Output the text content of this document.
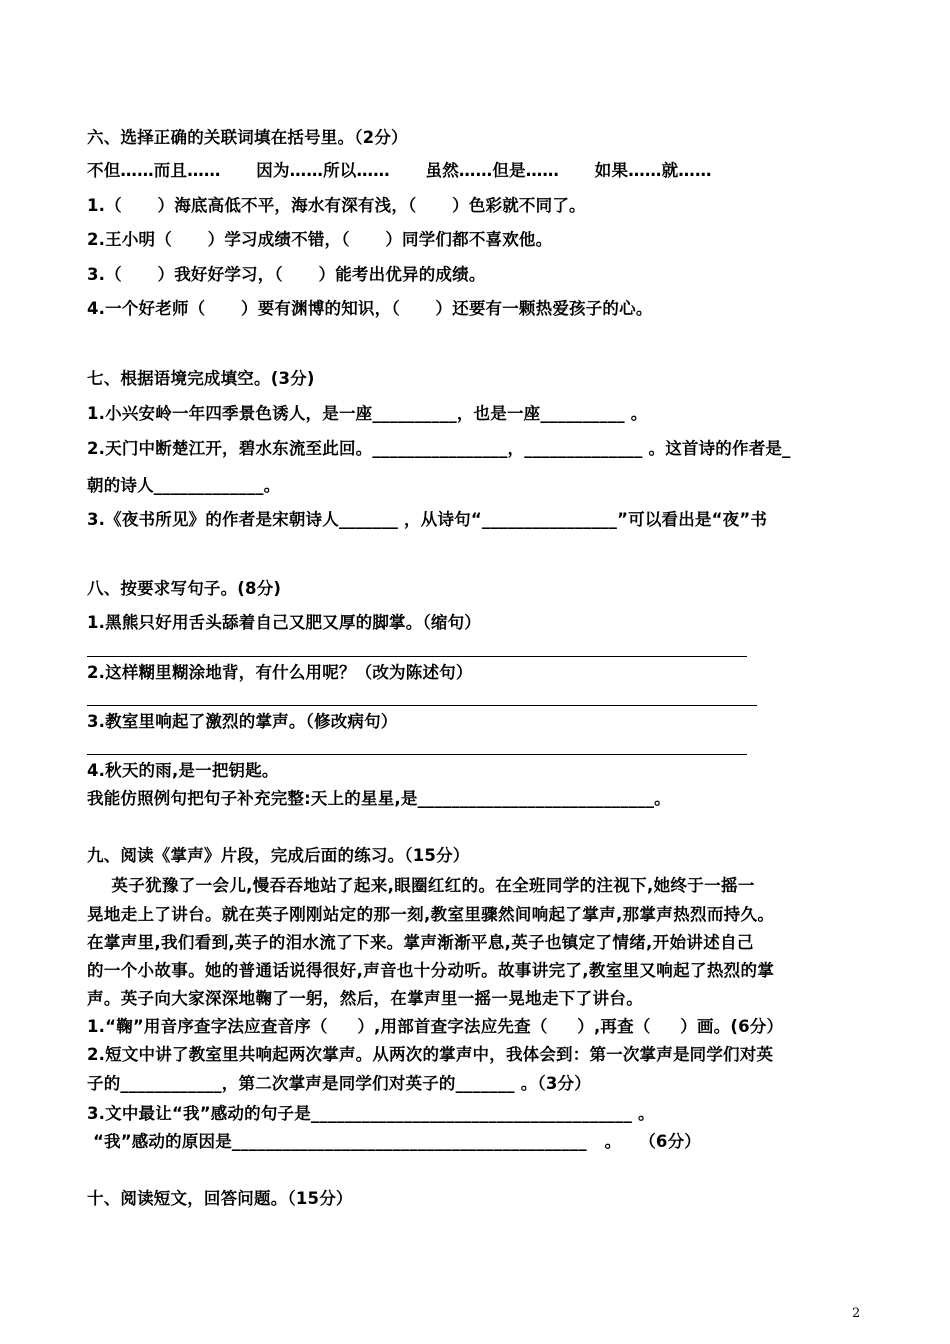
六、选择正确的关联词填在括号里。（2分）
不但……而且……      因为……所以……      虽然……但是……      如果……就……
1.（      ）海底高低不平，海水有深有浅，（      ）色彩就不同了。
2.王小明（      ）学习成绩不错，（      ）同学们都不喜欢他。
3.（      ）我好好学习，（      ）能考出优异的成绩。
4.一个好老师（      ）要有渊博的知识，（      ）还要有一颗热爱孩子的心。
七、根据语境完成填空。(3分)
1.小兴安岭一年四季景色诱人，是一座__________，也是一座__________ 。
2.天门中断楚江开，碧水东流至此回。________________，______________ 。这首诗的作者是_
朝的诗人_____________。
3.《夜书所见》的作者是宋朝诗人_______ ，从诗句“________________”可以看出是“夜”书
八、按要求写句子。(8分)
1.黑熊只好用舌头舔着自己又肥又厚的脚掌。（缩句）
2.这样糊里糊涂地背，有什么用呢？（改为陈述句）
3.教室里响起了激烈的掌声。（修改病句）
4.秋天的雨,是一把钥匙。
我能仿照例句把句子补充完整:天上的星星,是____________________________。
九、阅读《掌声》片段，完成后面的练习。（15分）
英子犹豫了一会儿,慢吞吞地站了起来,眼圈红红的。在全班同学的注视下,她终于一摇一
晃地走上了讲台。就在英子刚刚站定的那一刻,教室里骤然间响起了掌声,那掌声热烈而持久。
在掌声里,我们看到,英子的泪水流了下来。掌声渐渐平息,英子也镇定了情绪,开始讲述自己
的一个小故事。她的普通话说得很好,声音也十分动听。故事讲完了,教室里又响起了热烈的掌
声。英子向大家深深地鞠了一躬，然后，在掌声里一摇一晃地走下了讲台。
1.“鞠”用音序查字法应查音序（     ）,用部首查字法应先查（     ）,再查（     ）画。(6分）
2.短文中讲了教室里共响起两次掌声。从两次的掌声中，我体会到：第一次掌声是同学们对英
子的____________，第二次掌声是同学们对英子的_______ 。（3分）
3.文中最让“我”感动的句子是______________________________________ 。
“我”感动的原因是__________________________________________   。   （6分）
十、阅读短文，回答问题。（15分）
2
